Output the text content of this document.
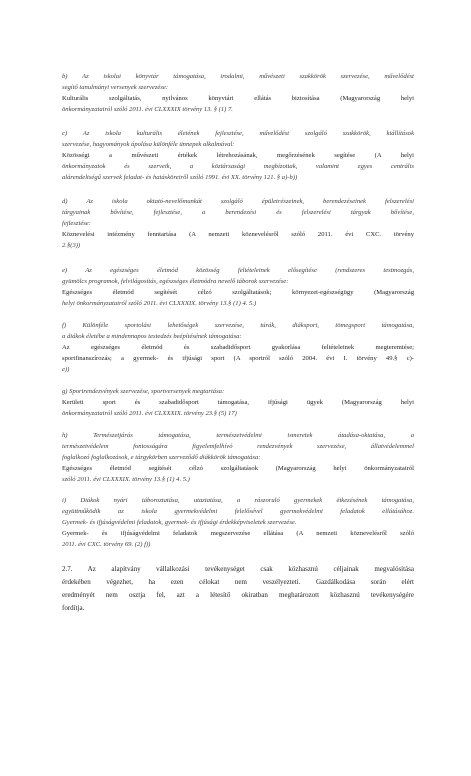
b) Az iskolai könyvtár támogatása, irodalmi, művészeti szakkörök szervezése, művelődést
segítő tanulmányi versenyek szervezése:
Kulturális szolgáltatás, nyilvános könyvtári ellátás biztosítása (Magyarország helyi
önkormányzatairól szóló 2011. évi CLXXXIX törvény 13. § (1) 7.
c) Az iskola kulturális életének fejlesztése, művelődést szolgáló szakkörök, kiállítások
szervezése, hagyományok ápolása különféle ünnepek alkalmával:
Közösségi a művészeti értékek létrehozásának, megőrzésének segítése (A helyi
önkormányzatok és szerveik, a köztársasági megbízottak, valamint egyes centrális
alárendeltségű szervek feladat- és hatásköreiről szóló 1991. évi XX. törvény 121. § a)-b))
d) Az iskola oktató-nevelőmunkát szolgáló épületrészeinek, berendezéseinek felszerelési
tárgyainak bővítése, fejlesztése, a berendezési és felszerelési tárgyak bővítése,
fejlesztése:
Köznevelési intézmény fenntartása (A nemzeti köznevelésről szóló 2011. évi CXC. törvény
2.§(3))
e) Az egészséges életmód közösség feltételeinek elősegítése (rendszeres testmozgás,
gyümölcs programok, felvilágosítás, egészséges életmódra nevelő táborok szervezése:
Egészséges életmód segítését célzó szolgáltatások; környezet-egészségügy (Magyarország
helyi önkormányzatairól szóló 2011. évi CLXXXIX. törvény 13.§ (1) 4. 5.)
f) Különféle sportolási lehetőségek szervezése, túrák, diáksport, tömegsport támogatása,
a diákok életébe a mindennapos testedzés beépítésének támogatása:
Az egészséges életmód és szabadidősport gyakorlása feltételeinek megteremtése;
sportfinanszírozás; a gyermek- és ifjúsági sport (A sportról szóló 2004. évi I. törvény 49.§ c)-
e))
g) Sportrendezvények szervezése, sportversenyek megtartása:
Kerületi sport és szabadidősport támogatása, ifjúsági ügyek (Magyarország helyi
önkormányzatairól szóló 2011. évi CLXXXIX. törvény 23.§ (5) 17)
h) Természetjárás támogatása, természetvédelmi ismeretek átadása-oktatása, a
természetvédelem fontosságára figyelemfelhívó rendezvények szervezése, állatvédelemmel
foglalkozó foglalkozások, e tárgykörben szerveződő diákkörök támogatása:
Egészséges életmód segítését célzó szolgáltatások (Magyarország helyi önkormányzatairól
szóló 2011. évi CLXXXIX. törvény 13.§ (1) 4. 5.)
i) Diákok nyári táboroztatása, utaztatása, a rászoruló gyermekek étkezésének támogatása,
együttműködik az iskola gyermekvédelmi felelősével gyermekvédelmi feladatok ellátásához.
Gyermek- és ifjúságvédelmi feladatok, gyermek- és ifjúsági érdekképviseletek szervezése.
Gyermek- és ifjúságvédelmi feladatok megszervezése ellátása (A nemzeti köznevelésről szóló
2011. évi CXC. törvény 69. (2) f))
2.7. Az alapítvány vállalkozási tevékenységet csak közhasznú céljainak megvalósítása
érdekében végezhet, ha ezen célokat nem veszélyezteti. Gazdálkodása során elért
eredményét nem osztja fel, azt a létesítő okiratban meghatározott közhasznú tevékenységére
fordítja.
